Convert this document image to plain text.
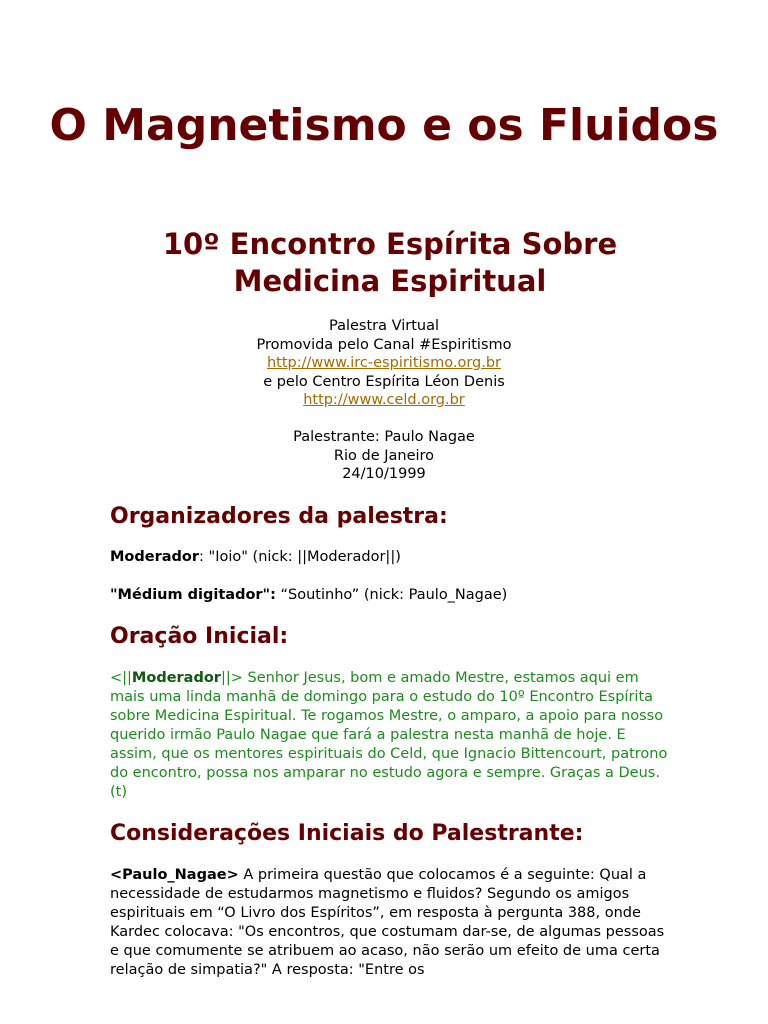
O Magnetismo e os Fluidos
10º Encontro Espírita Sobre Medicina Espiritual
Palestra Virtual
Promovida pelo Canal #Espiritismo
http://www.irc-espiritismo.org.br
e pelo Centro Espírita Léon Denis
http://www.celd.org.br
Palestrante: Paulo Nagae
Rio de Janeiro
24/10/1999
Organizadores da palestra:

Moderador: "Ioio" (nick: ||Moderador||)

"Médium digitador": “Soutinho” (nick: Paulo_Nagae)

Oração Inicial:

<||Moderador||> Senhor Jesus, bom e amado Mestre, estamos aqui em mais uma linda manhã de domingo para o estudo do 10º Encontro Espírita sobre Medicina Espiritual. Te rogamos Mestre, o amparo, a apoio para nosso querido irmão Paulo Nagae que fará a palestra nesta manhã de hoje. E assim, que os mentores espirituais do Celd, que Ignacio Bittencourt, patrono do encontro, possa nos amparar no estudo agora e sempre. Graças a Deus. (t)

Considerações Iniciais do Palestrante:

<Paulo_Nagae> A primeira questão que colocamos é a seguinte: Qual a necessidade de estudarmos magnetismo e fluidos? Segundo os amigos espirituais em “O Livro dos Espíritos”, em resposta à pergunta 388, onde Kardec colocava: "Os encontros, que costumam dar-se, de algumas pessoas e que comumente se atribuem ao acaso, não serão um efeito de uma certa relação de simpatia?" A resposta: "Entre os
